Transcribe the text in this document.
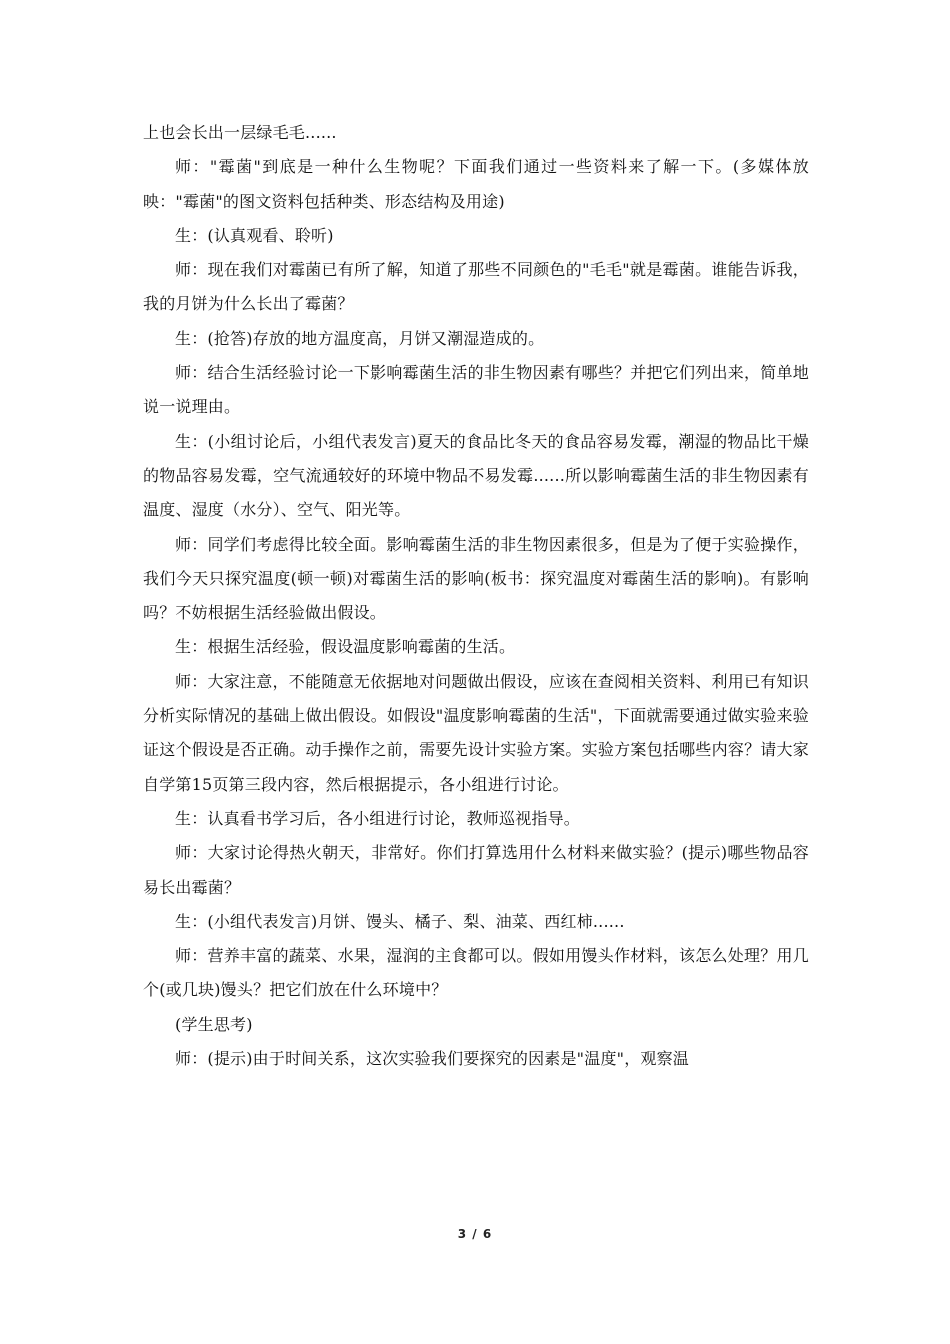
上也会长出一层绿毛毛......

师："霉菌"到底是一种什么生物呢？下面我们通过一些资料来了解一下。(多媒体放映："霉菌"的图文资料包括种类、形态结构及用途)

生：(认真观看、聆听)

师：现在我们对霉菌已有所了解，知道了那些不同颜色的"毛毛"就是霉菌。谁能告诉我，我的月饼为什么长出了霉菌？

生：(抢答)存放的地方温度高，月饼又潮湿造成的。

师：结合生活经验讨论一下影响霉菌生活的非生物因素有哪些？并把它们列出来，简单地说一说理由。

生：(小组讨论后，小组代表发言)夏天的食品比冬天的食品容易发霉，潮湿的物品比干燥的物品容易发霉，空气流通较好的环境中物品不易发霉......所以影响霉菌生活的非生物因素有温度、湿度（水分）、空气、阳光等。

师：同学们考虑得比较全面。影响霉菌生活的非生物因素很多，但是为了便于实验操作，我们今天只探究温度(顿一顿)对霉菌生活的影响(板书：探究温度对霉菌生活的影响)。有影响吗？不妨根据生活经验做出假设。

生：根据生活经验，假设温度影响霉菌的生活。

师：大家注意，不能随意无依据地对问题做出假设，应该在查阅相关资料、利用已有知识分析实际情况的基础上做出假设。如假设"温度影响霉菌的生活"，下面就需要通过做实验来验证这个假设是否正确。动手操作之前，需要先设计实验方案。实验方案包括哪些内容？请大家自学第15页第三段内容，然后根据提示，各小组进行讨论。

生：认真看书学习后，各小组进行讨论，教师巡视指导。

师：大家讨论得热火朝天，非常好。你们打算选用什么材料来做实验？(提示)哪些物品容易长出霉菌？

生：(小组代表发言)月饼、馒头、橘子、梨、油菜、西红柿......

师：营养丰富的蔬菜、水果，湿润的主食都可以。假如用馒头作材料，该怎么处理？用几个(或几块)馒头？把它们放在什么环境中？

(学生思考)

师：(提示)由于时间关系，这次实验我们要探究的因素是"温度"，观察温

3 / 6
